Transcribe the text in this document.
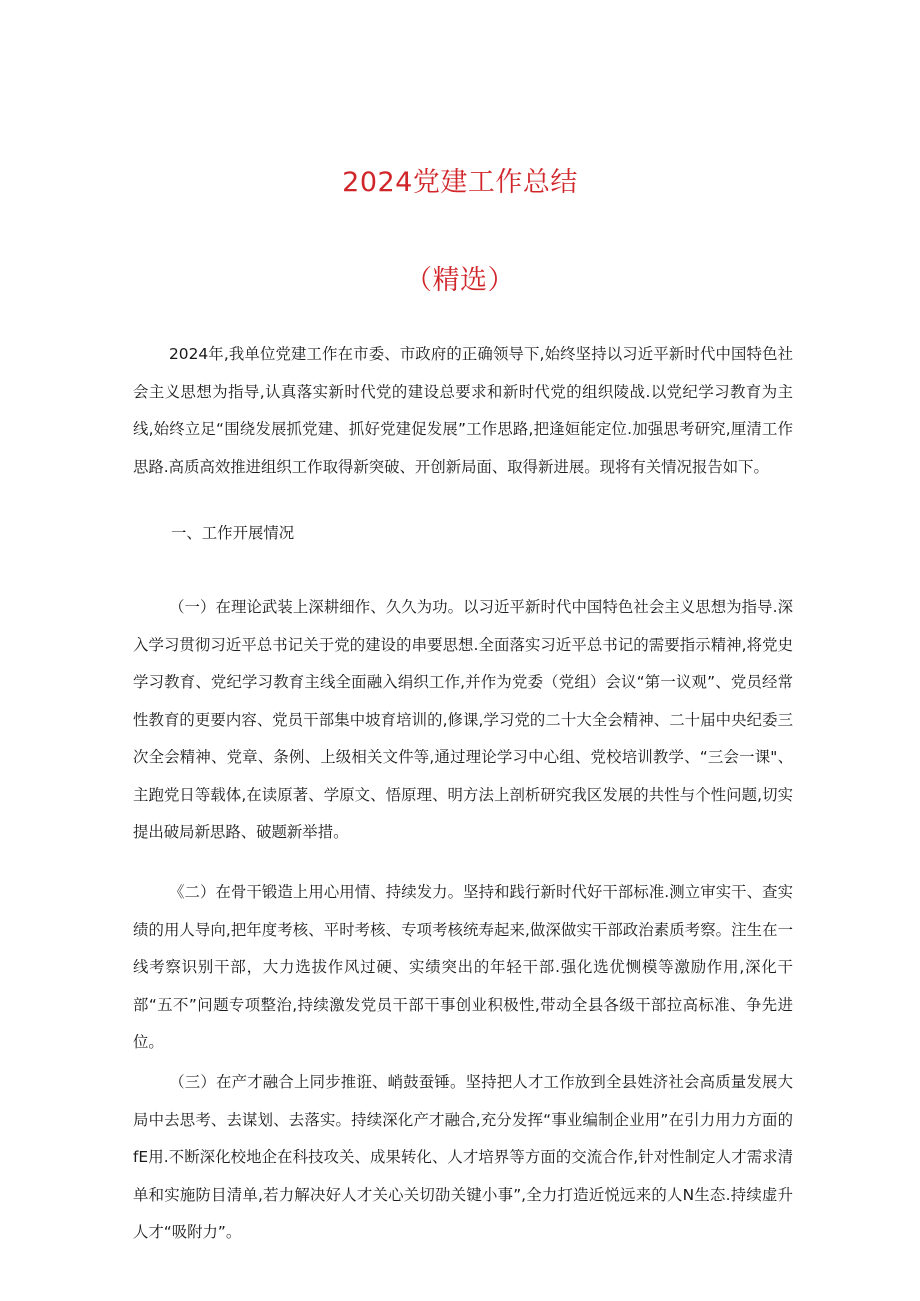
2024党建工作总结
（精选）

2024年,我单位党建工作在市委、市政府的正确领导下,始终坚持以习近平新时代中国特色社会主义思想为指导,认真落实新时代党的建设总要求和新时代党的组织陵战.以党纪学习教育为主线,始终立足“围绕发展抓党建、抓好党建促发展”工作思路,把逢姮能定位.加强思考研究,厘清工作思路.高质高效推进组织工作取得新突破、开创新局面、取得新进展。现将有关情况报告如下。

一、工作开展情况

（一）在理论武装上深耕细作、久久为功。以习近平新时代中国特色社会主义思想为指导.深入学习贯彻习近平总书记关于党的建设的串要思想.全面落实习近平总书记的需要指示精神,将党史学习教育、党纪学习教育主线全面融入绢织工作,并作为党委（党组）会议“第一议观”、党员经常性教育的更要内容、党员干部集中坡育培训的,修课,学习党的二十大全会精神、二十届中央纪委三次全会精神、党章、条例、上级相关文件等,通过理论学习中心组、党校培训教学、“三会一课"、主跑党日等载体,在读原著、学原文、悟原理、明方法上剖析研究我区发展的共性与个性问题,切实提出破局新思路、破题新举措。

《二）在骨干锻造上用心用情、持续发力。坚持和践行新时代好干部标准.测立审实干、查实绩的用人导向,把年度考核、平时考核、专项考核统寿起来,做深做实干部政治素质考察。注生在一线考察识别干部，大力选拔作风过硬、实绩突出的年轻干部.强化选优恻模等激励作用,深化干部“五不”问题专项整治,持续激发党员干部干事创业积极性,带动全县各级干部拉高标准、争先进位。

（三）在产才融合上同步推诳、峭鼓蚕锤。坚持把人才工作放到全县姓济社会高质量发展大局中去思考、去谋划、去落实。持续深化产才融合,充分发挥“事业编制企业用”在引力用力方面的fE用.不断深化校地企在科技攻关、成果转化、人才培界等方面的交流合作,针对性制定人才需求清单和实施防目清单,若力解决好人才关心关切劭关键小事”,全力打造近悦远来的人N生态.持续虚升人才“吸附力”。
